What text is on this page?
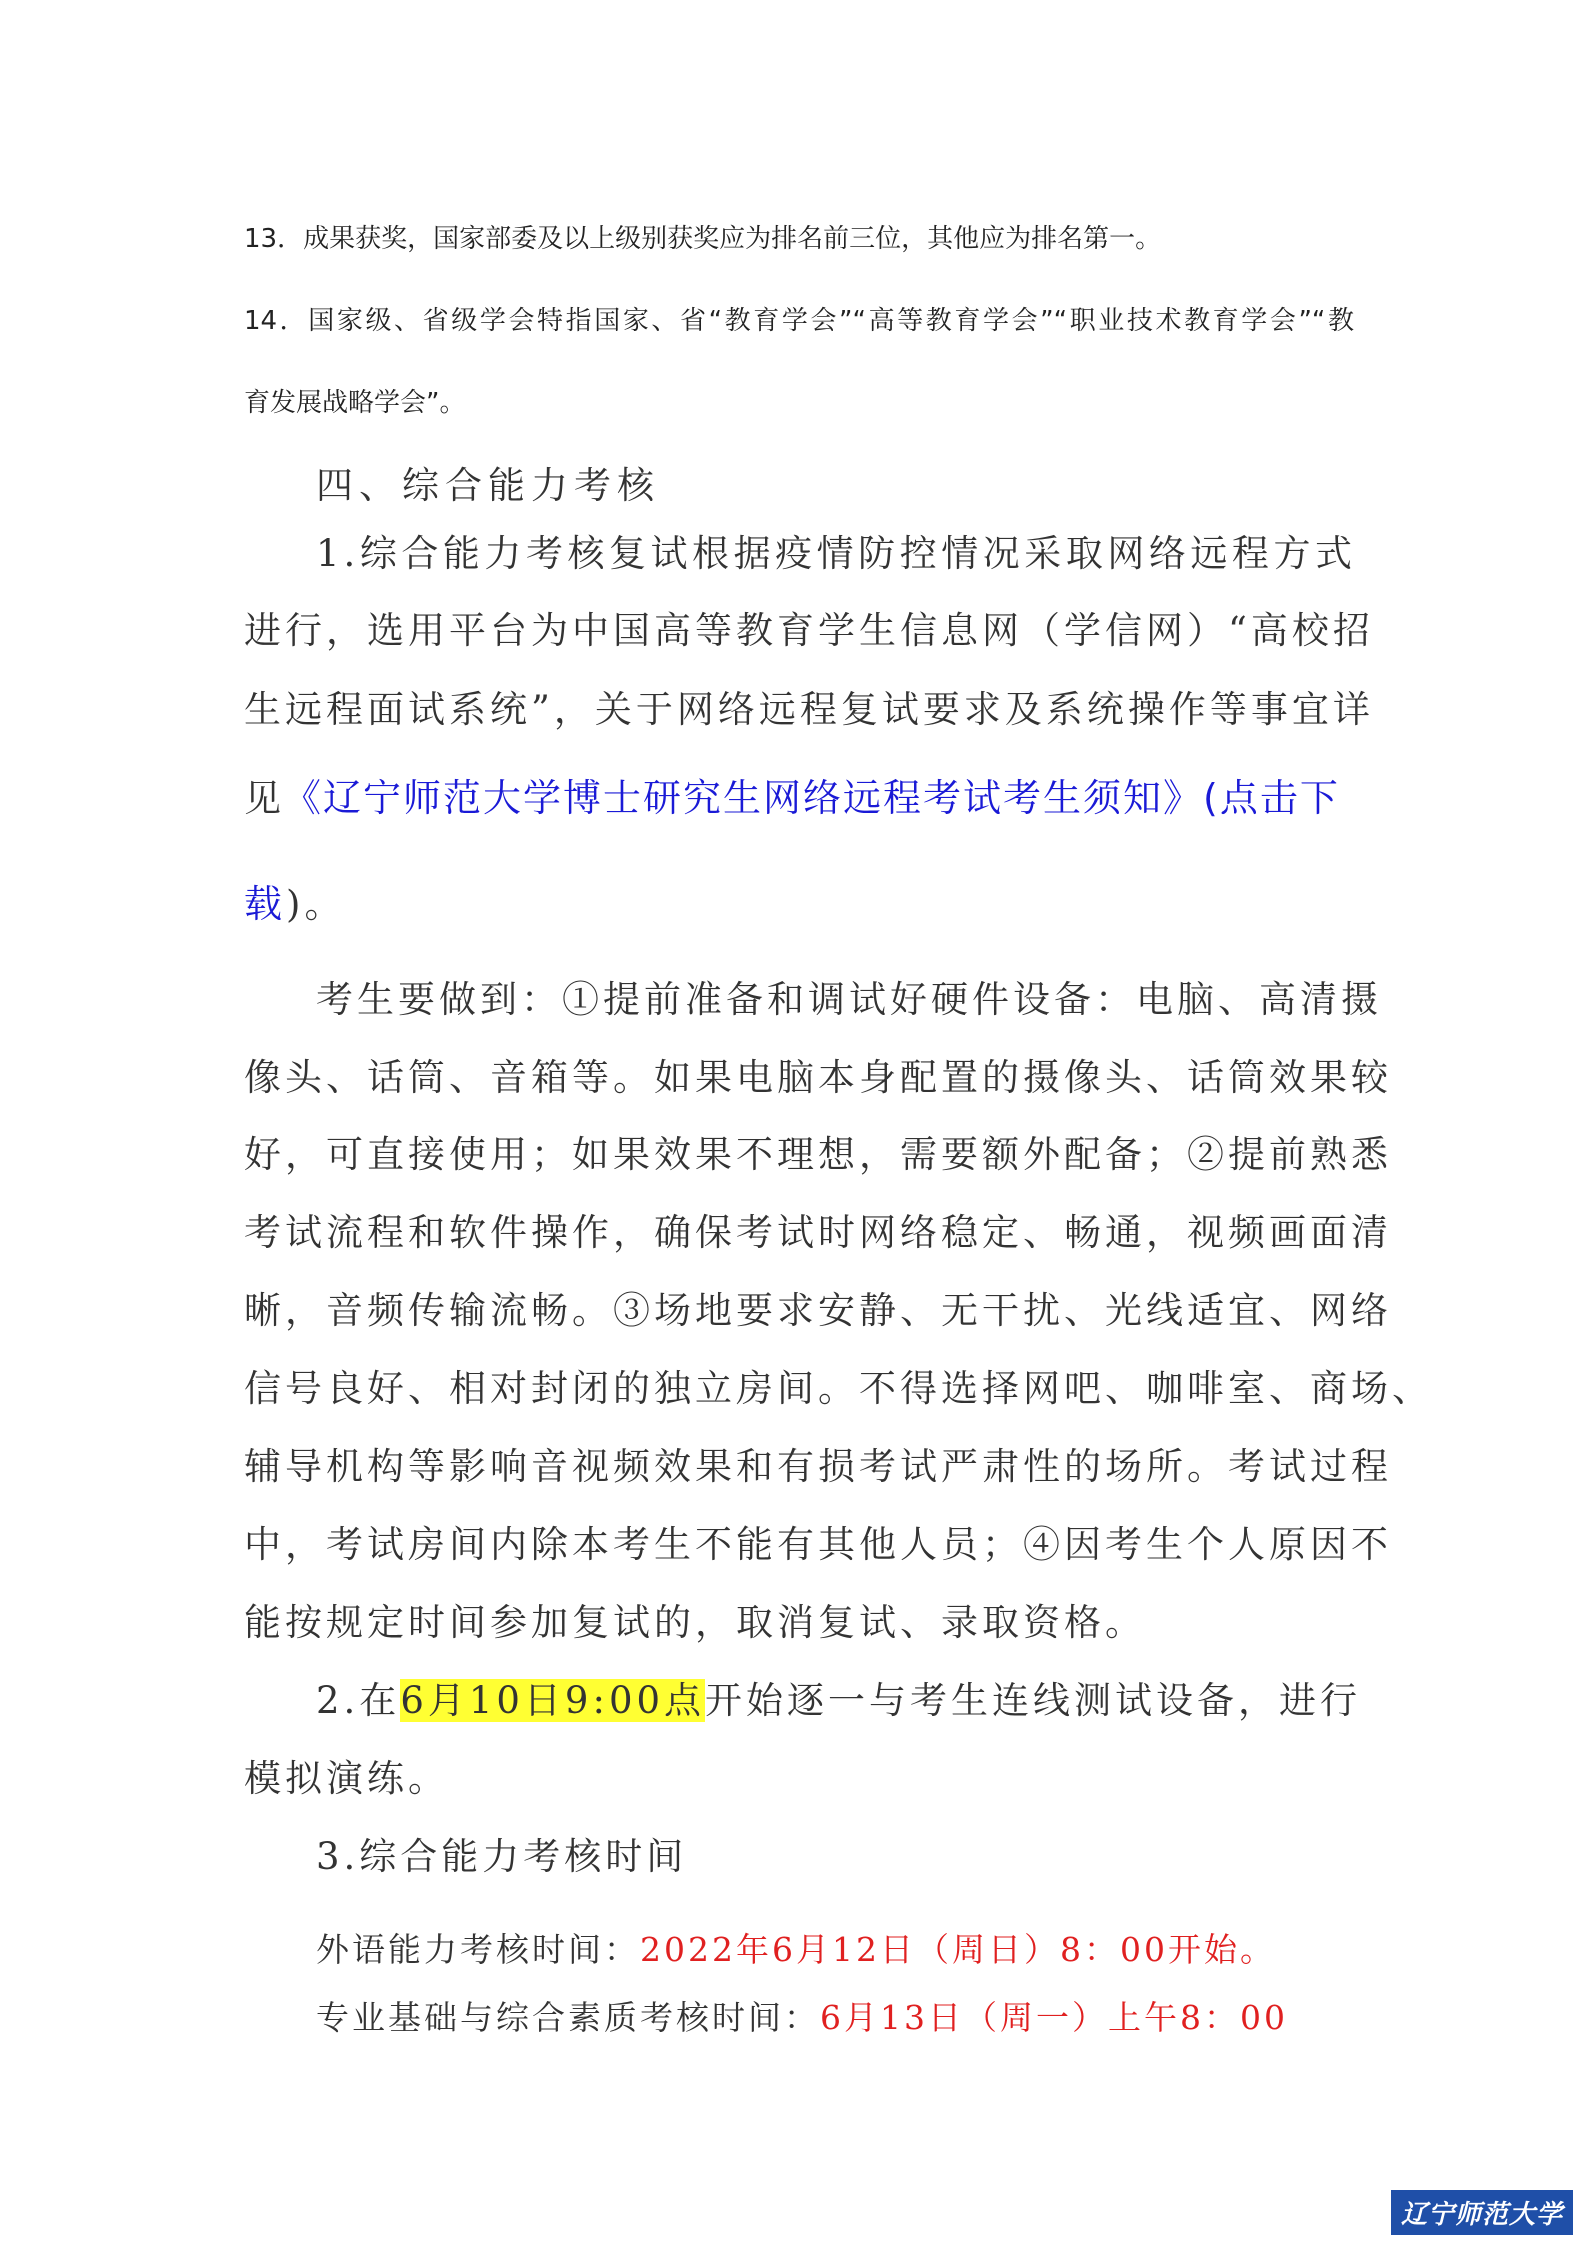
13．成果获奖，国家部委及以上级别获奖应为排名前三位，其他应为排名第一。
14．国家级、省级学会特指国家、省“教育学会”“高等教育学会”“职业技术教育学会”“教
育发展战略学会”。
四、综合能力考核
1.综合能力考核复试根据疫情防控情况采取网络远程方式
进行，选用平台为中国高等教育学生信息网（学信网）“高校招
生远程面试系统”，关于网络远程复试要求及系统操作等事宜详
见《辽宁师范大学博士研究生网络远程考试考生须知》(点击下
载)。
考生要做到：①提前准备和调试好硬件设备：电脑、高清摄
像头、话筒、音箱等。如果电脑本身配置的摄像头、话筒效果较
好，可直接使用；如果效果不理想，需要额外配备；②提前熟悉
考试流程和软件操作，确保考试时网络稳定、畅通，视频画面清
晰，音频传输流畅。③场地要求安静、无干扰、光线适宜、网络
信号良好、相对封闭的独立房间。不得选择网吧、咖啡室、商场、
辅导机构等影响音视频效果和有损考试严肃性的场所。考试过程
中，考试房间内除本考生不能有其他人员；④因考生个人原因不
能按规定时间参加复试的，取消复试、录取资格。
2.在6月10日9:00点开始逐一与考生连线测试设备，进行
模拟演练。
3.综合能力考核时间
外语能力考核时间：2022年6月12日（周日）8：00开始。
专业基础与综合素质考核时间：6月13日（周一）上午8：00
辽宁师范大学
